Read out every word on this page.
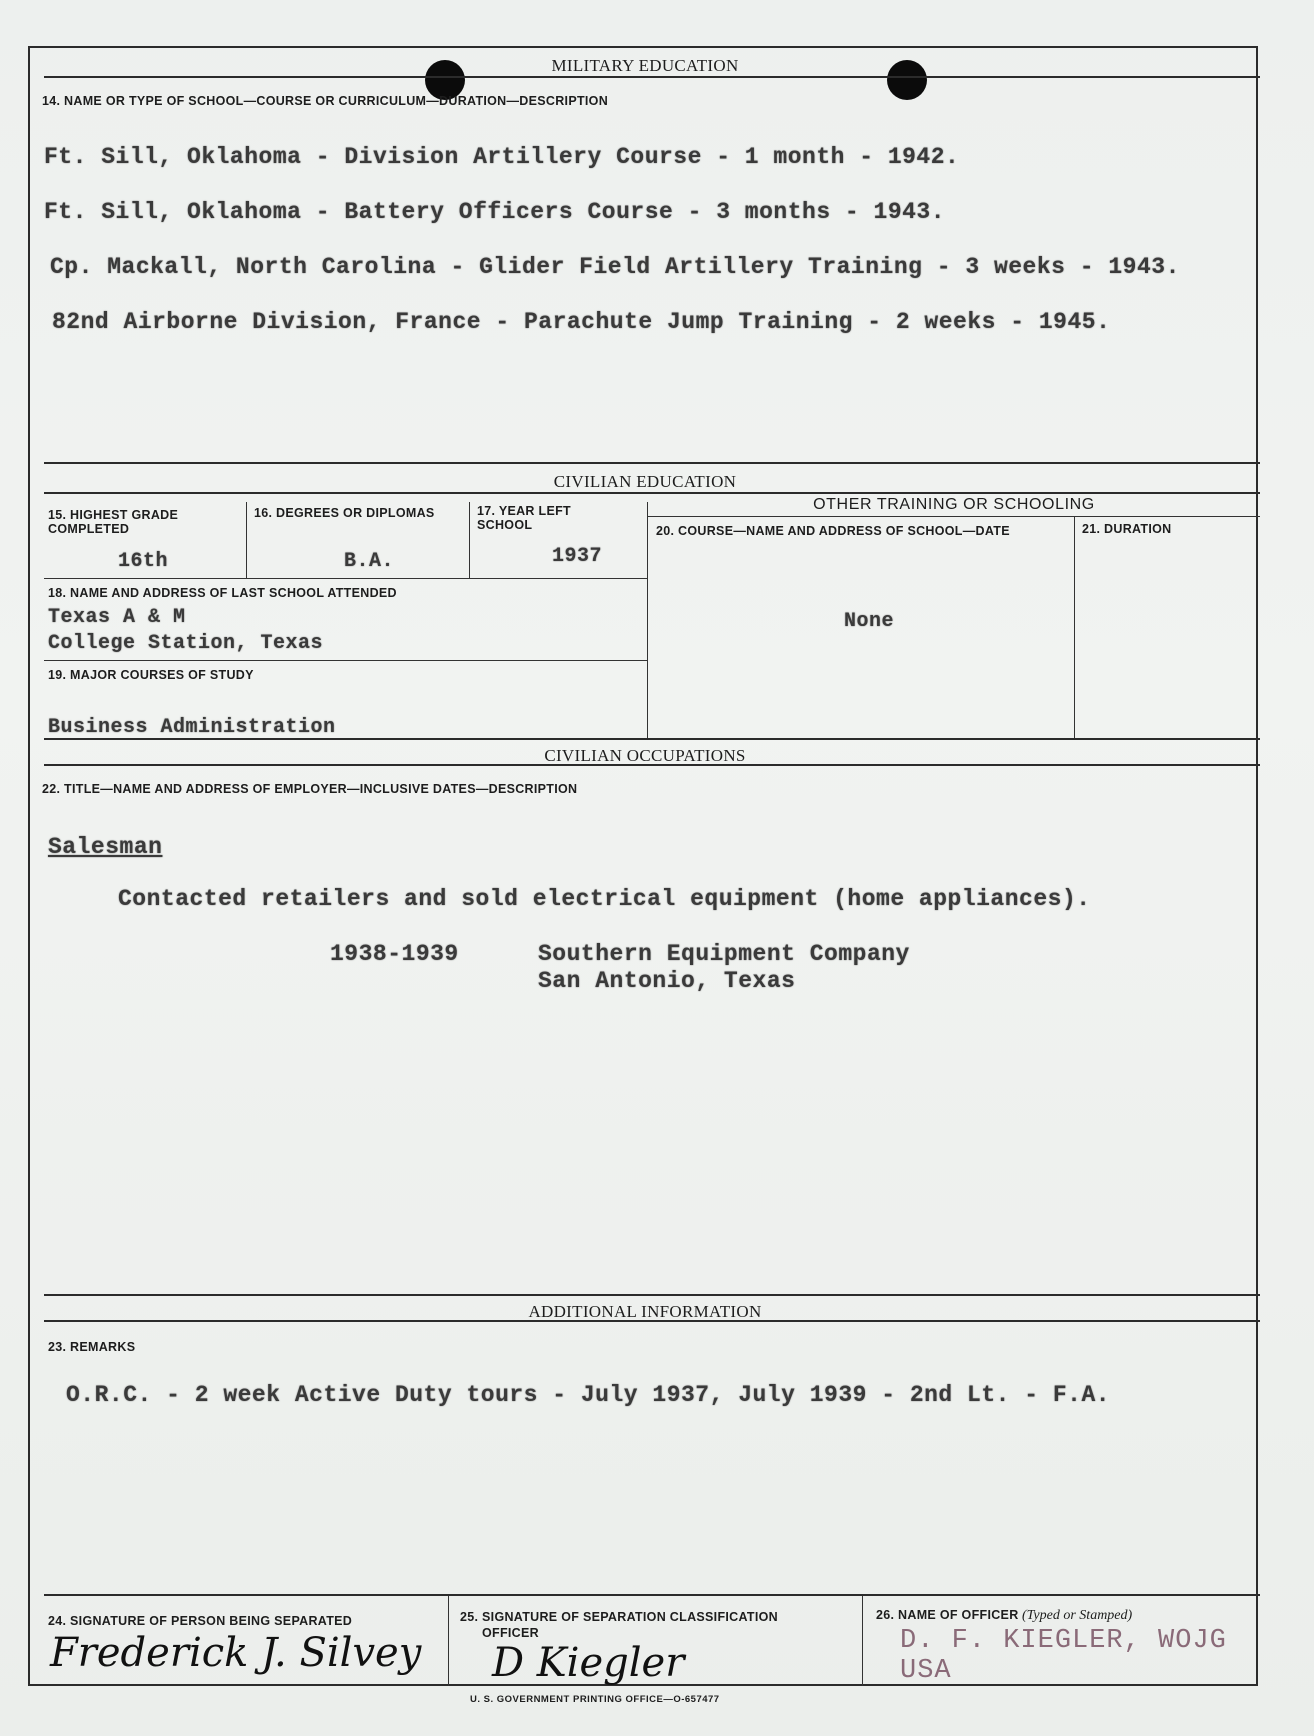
MILITARY EDUCATION
14. NAME OR TYPE OF SCHOOL—COURSE OR CURRICULUM—DURATION—DESCRIPTION
Ft. Sill, Oklahoma - Division Artillery Course - 1 month - 1942.
Ft. Sill, Oklahoma - Battery Officers Course - 3 months - 1943.
Cp. Mackall, North Carolina - Glider Field Artillery Training - 3 weeks - 1943.
82nd Airborne Division, France - Parachute Jump Training - 2 weeks - 1945.
CIVILIAN EDUCATION
15. HIGHEST GRADE COMPLETED
16th
16. DEGREES OR DIPLOMAS
B.A.
17. YEAR LEFT SCHOOL
1937
18. NAME AND ADDRESS OF LAST SCHOOL ATTENDED
Texas A & M
College Station, Texas
19. MAJOR COURSES OF STUDY
Business Administration
OTHER TRAINING OR SCHOOLING
20. COURSE—NAME AND ADDRESS OF SCHOOL—DATE	21. DURATION
None
CIVILIAN OCCUPATIONS
22. TITLE—NAME AND ADDRESS OF EMPLOYER—INCLUSIVE DATES—DESCRIPTION
Salesman
Contacted retailers and sold electrical equipment (home appliances).
1938-1939	Southern Equipment Company
San Antonio, Texas
ADDITIONAL INFORMATION
23. REMARKS
O.R.C. - 2 week Active Duty tours - July 1937, July 1939 - 2nd Lt. - F.A.
24. SIGNATURE OF PERSON BEING SEPARATED
Frederick J. Silvey
25. SIGNATURE OF SEPARATION CLASSIFICATION
OFFICER
D Kiegler
26. NAME OF OFFICER (Typed or Stamped)
D. F. KIEGLER, WOJG USA
U. S. GOVERNMENT PRINTING OFFICE—O-657477
